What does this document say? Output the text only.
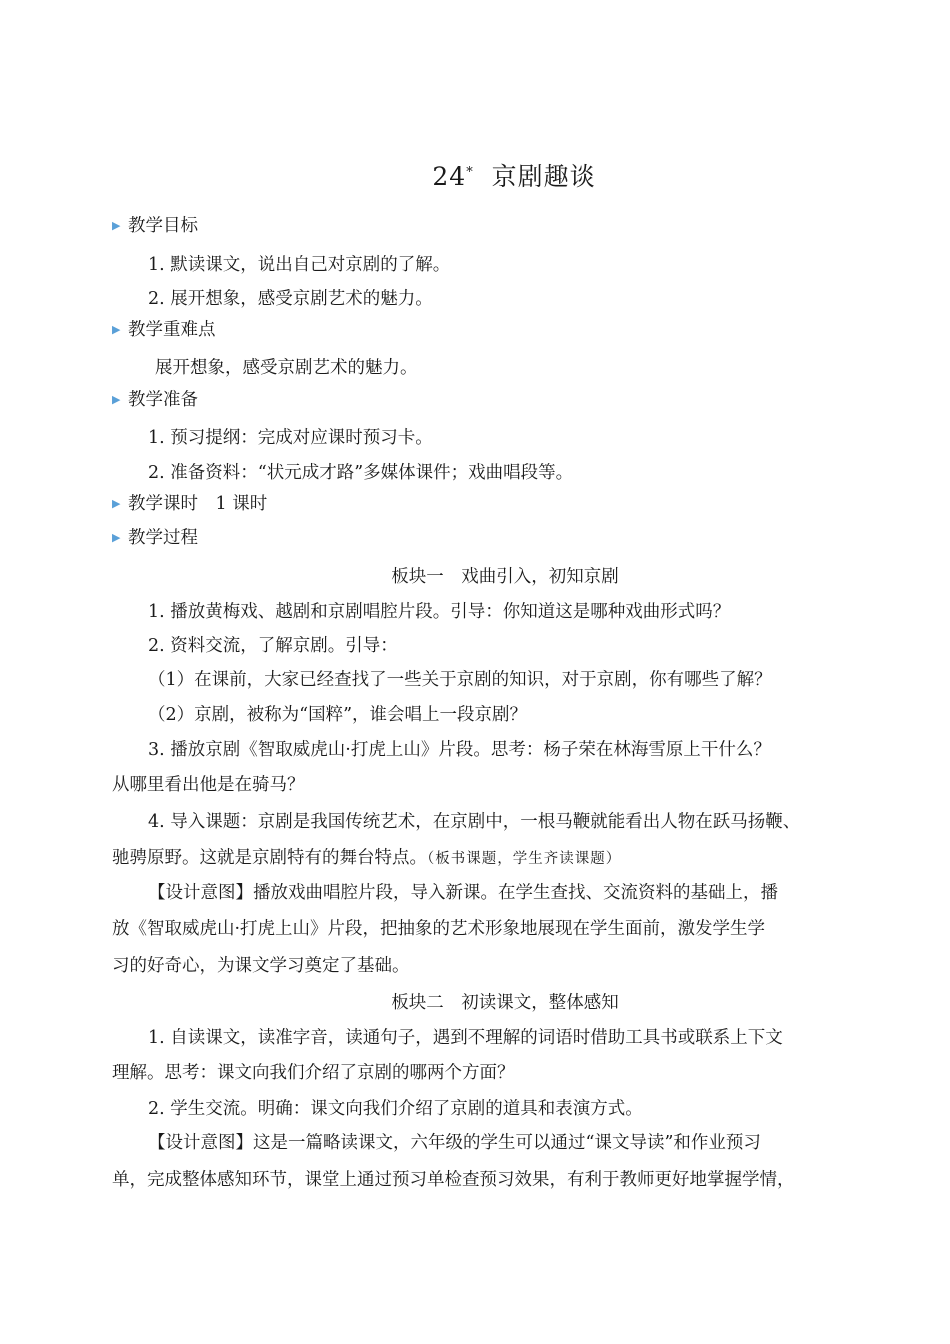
24* 京剧趣谈
▶ 教学目标
1. 默读课文，说出自己对京剧的了解。
2. 展开想象，感受京剧艺术的魅力。
▶ 教学重难点
展开想象，感受京剧艺术的魅力。
▶ 教学准备
1. 预习提纲：完成对应课时预习卡。
2. 准备资料：“状元成才路”多媒体课件；戏曲唱段等。
▶ 教学课时　1 课时
▶ 教学过程
板块一　戏曲引入，初知京剧
1. 播放黄梅戏、越剧和京剧唱腔片段。引导：你知道这是哪种戏曲形式吗？
2. 资料交流，了解京剧。引导：
（1）在课前，大家已经查找了一些关于京剧的知识，对于京剧，你有哪些了解？
（2）京剧，被称为“国粹”，谁会唱上一段京剧？
3. 播放京剧《智取威虎山·打虎上山》片段。思考：杨子荣在林海雪原上干什么？
从哪里看出他是在骑马？
4. 导入课题：京剧是我国传统艺术，在京剧中，一根马鞭就能看出人物在跃马扬鞭、
驰骋原野。这就是京剧特有的舞台特点。（板书课题，学生齐读课题）
【设计意图】播放戏曲唱腔片段，导入新课。在学生查找、交流资料的基础上，播
放《智取威虎山·打虎上山》片段，把抽象的艺术形象地展现在学生面前，激发学生学
习的好奇心，为课文学习奠定了基础。
板块二　初读课文，整体感知
1. 自读课文，读准字音，读通句子，遇到不理解的词语时借助工具书或联系上下文
理解。思考：课文向我们介绍了京剧的哪两个方面？
2. 学生交流。明确：课文向我们介绍了京剧的道具和表演方式。
【设计意图】这是一篇略读课文，六年级的学生可以通过“课文导读”和作业预习
单，完成整体感知环节，课堂上通过预习单检查预习效果，有利于教师更好地掌握学情，
